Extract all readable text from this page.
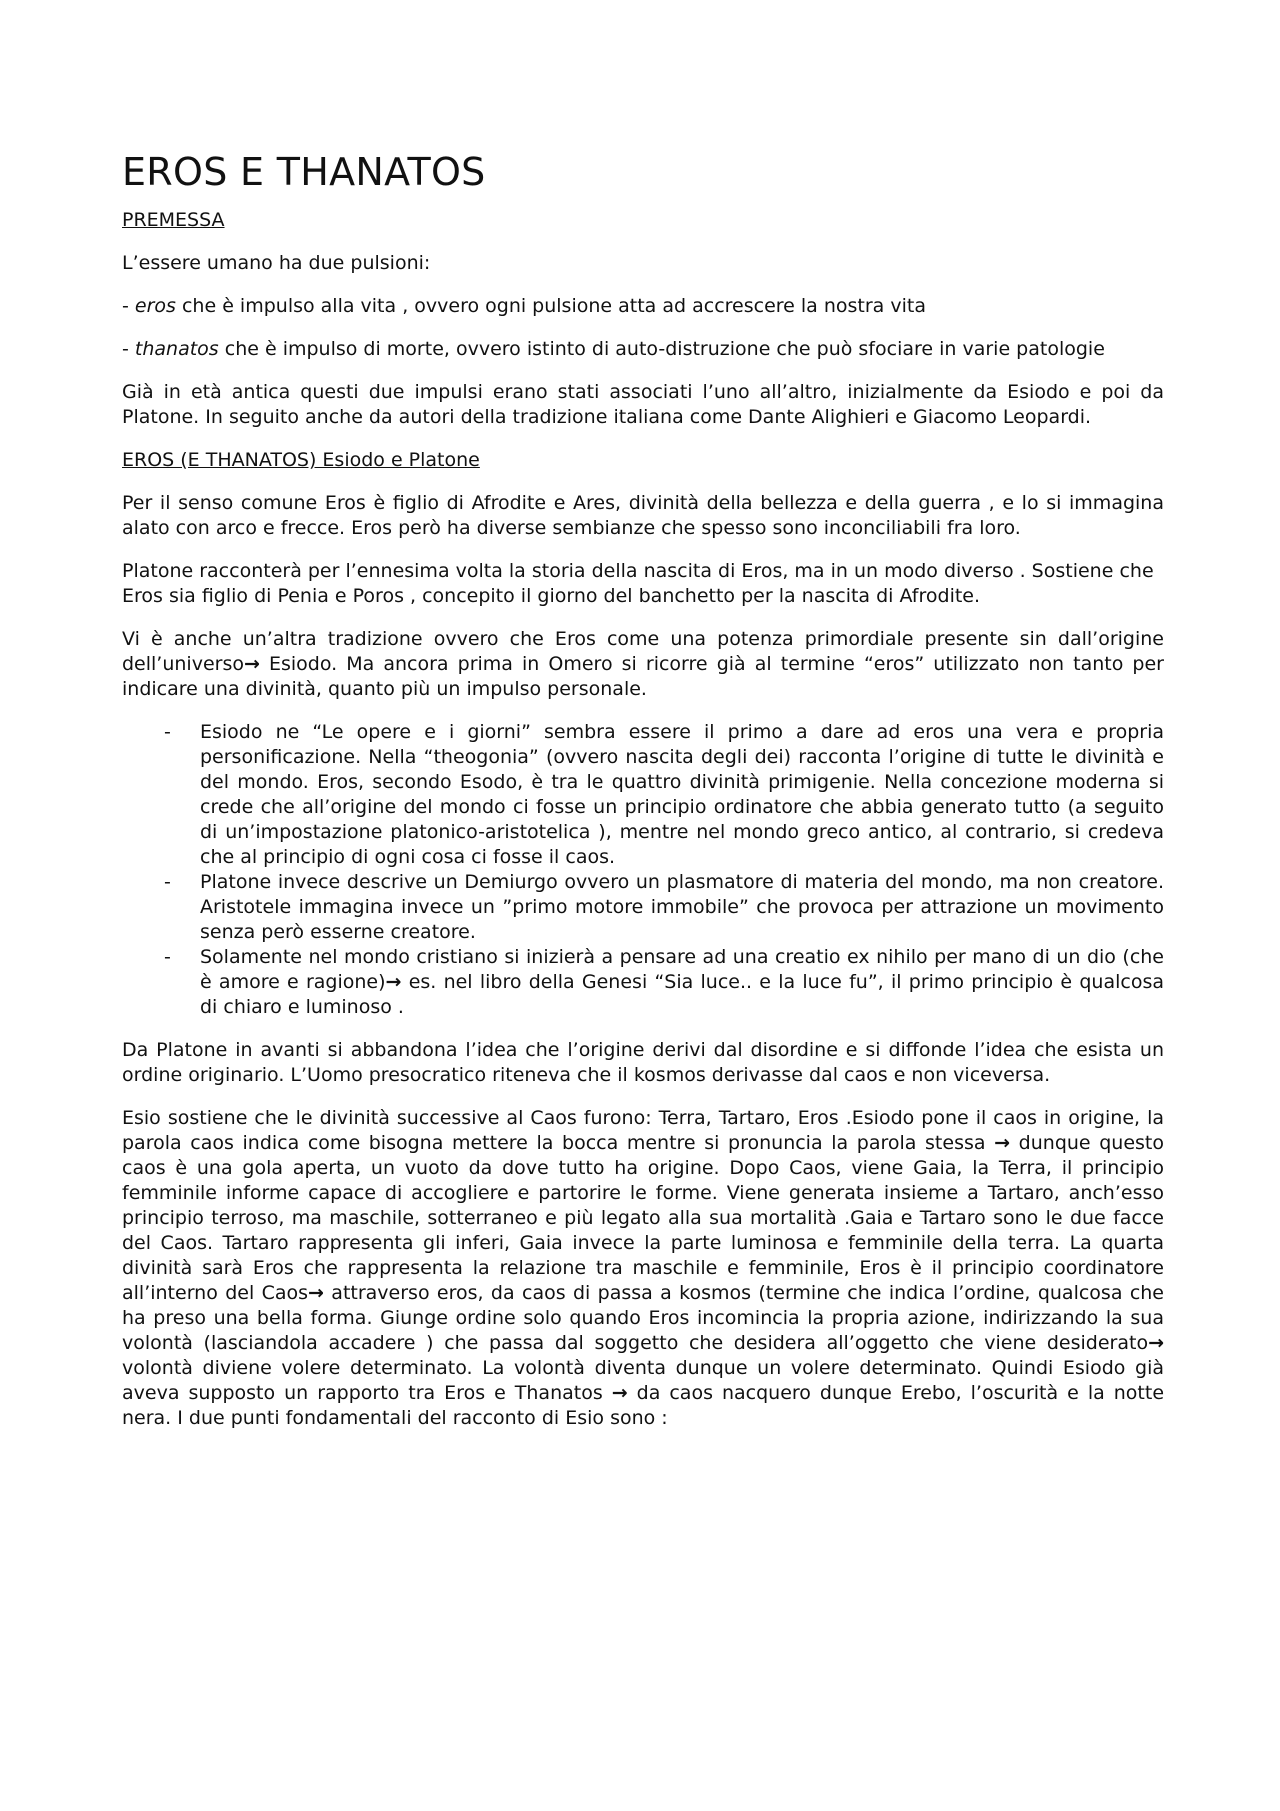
EROS E THANATOS

PREMESSA

L’essere umano ha due pulsioni:

- eros che è impulso alla vita , ovvero ogni pulsione atta ad accrescere la nostra vita

- thanatos che è impulso di morte, ovvero istinto di auto-distruzione che può sfociare in varie patologie

Già in età antica questi due impulsi erano stati associati l’uno all’altro, inizialmente da Esiodo e poi da Platone. In seguito anche da autori della tradizione italiana come Dante Alighieri e Giacomo Leopardi.

EROS (E THANATOS) Esiodo e Platone

Per il senso comune Eros è figlio di Afrodite e Ares, divinità della bellezza e della guerra , e lo si immagina alato con arco e frecce. Eros però ha diverse sembianze che spesso sono inconciliabili fra loro.

Platone racconterà per l’ennesima volta la storia della nascita di Eros, ma in un modo diverso . Sostiene che Eros sia figlio di Penia e Poros , concepito il giorno del banchetto per la nascita di Afrodite.

Vi è anche un’altra tradizione ovvero che Eros come una potenza primordiale presente sin dall’origine dell’universo→ Esiodo. Ma ancora prima in Omero si ricorre già al termine “eros” utilizzato non tanto per indicare una divinità, quanto più un impulso personale.

- Esiodo ne “Le opere e i giorni” sembra essere il primo a dare ad eros una vera e propria personificazione. Nella “theogonia” (ovvero nascita degli dei) racconta l’origine di tutte le divinità e del mondo. Eros, secondo Esodo, è tra le quattro divinità primigenie. Nella concezione moderna si crede che all’origine del mondo ci fosse un principio ordinatore che abbia generato tutto (a seguito di un’impostazione platonico-aristotelica ), mentre nel mondo greco antico, al contrario, si credeva che al principio di ogni cosa ci fosse il caos.
- Platone invece descrive un Demiurgo ovvero un plasmatore di materia del mondo, ma non creatore. Aristotele immagina invece un ”primo motore immobile” che provoca per attrazione un movimento senza però esserne creatore.
- Solamente nel mondo cristiano si inizierà a pensare ad una creatio ex nihilo per mano di un dio (che è amore e ragione)→ es. nel libro della Genesi “Sia luce.. e la luce fu”, il primo principio è qualcosa di chiaro e luminoso .

Da Platone in avanti si abbandona l’idea che l’origine derivi dal disordine e si diffonde l’idea che esista un ordine originario. L’Uomo presocratico riteneva che il kosmos derivasse dal caos e non viceversa.

Esio sostiene che le divinità successive al Caos furono: Terra, Tartaro, Eros .Esiodo pone il caos in origine, la parola caos indica come bisogna mettere la bocca mentre si pronuncia la parola stessa → dunque questo caos è una gola aperta, un vuoto da dove tutto ha origine. Dopo Caos, viene Gaia, la Terra, il principio femminile informe capace di accogliere e partorire le forme. Viene generata insieme a Tartaro, anch’esso principio terroso, ma maschile, sotterraneo e più legato alla sua mortalità .Gaia e Tartaro sono le due facce del Caos. Tartaro rappresenta gli inferi, Gaia invece la parte luminosa e femminile della terra. La quarta divinità sarà Eros che rappresenta la relazione tra maschile e femminile, Eros è il principio coordinatore all’interno del Caos→ attraverso eros, da caos di passa a kosmos (termine che indica l’ordine, qualcosa che ha preso una bella forma. Giunge ordine solo quando Eros incomincia la propria azione, indirizzando la sua volontà (lasciandola accadere ) che passa dal soggetto che desidera all’oggetto che viene desiderato→ volontà diviene volere determinato. La volontà diventa dunque un volere determinato. Quindi Esiodo già aveva supposto un rapporto tra Eros e Thanatos → da caos nacquero dunque Erebo, l’oscurità e la notte nera. I due punti fondamentali del racconto di Esio sono :
